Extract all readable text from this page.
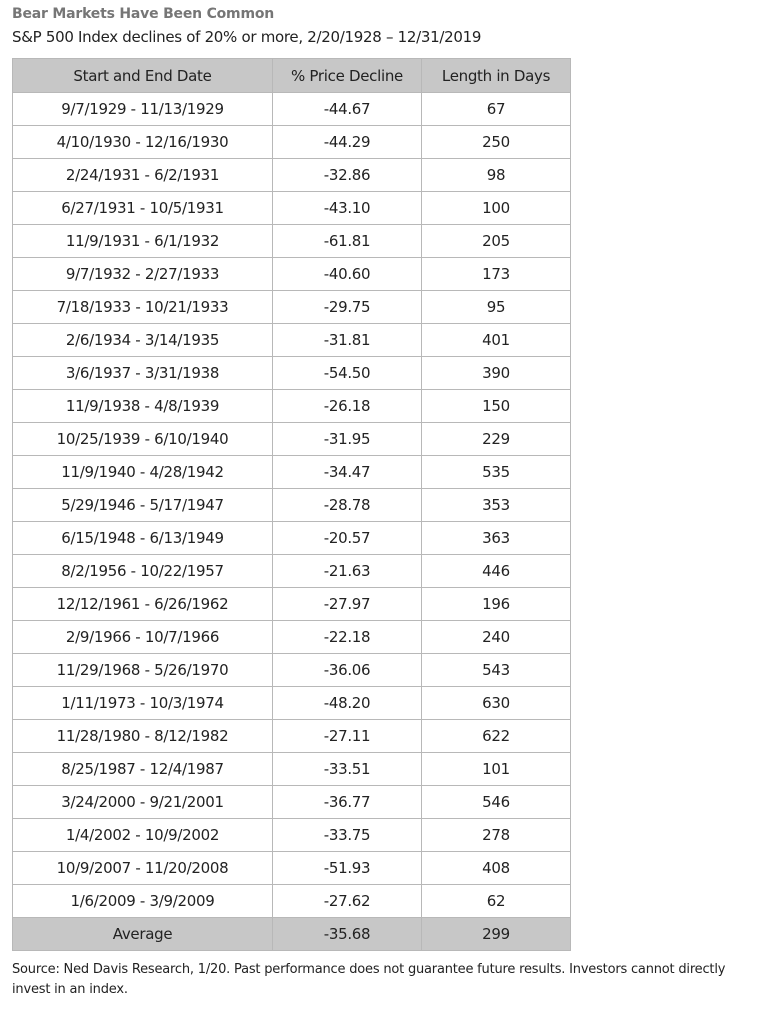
Bear Markets Have Been Common
S&P 500 Index declines of 20% or more, 2/20/1928 – 12/31/2019
Start and End Date	% Price Decline	Length in Days
9/7/1929 - 11/13/1929	-44.67	67
4/10/1930 - 12/16/1930	-44.29	250
2/24/1931 - 6/2/1931	-32.86	98
6/27/1931 - 10/5/1931	-43.10	100
11/9/1931 - 6/1/1932	-61.81	205
9/7/1932 - 2/27/1933	-40.60	173
7/18/1933 - 10/21/1933	-29.75	95
2/6/1934 - 3/14/1935	-31.81	401
3/6/1937 - 3/31/1938	-54.50	390
11/9/1938 - 4/8/1939	-26.18	150
10/25/1939 - 6/10/1940	-31.95	229
11/9/1940 - 4/28/1942	-34.47	535
5/29/1946 - 5/17/1947	-28.78	353
6/15/1948 - 6/13/1949	-20.57	363
8/2/1956 - 10/22/1957	-21.63	446
12/12/1961 - 6/26/1962	-27.97	196
2/9/1966 - 10/7/1966	-22.18	240
11/29/1968 - 5/26/1970	-36.06	543
1/11/1973 - 10/3/1974	-48.20	630
11/28/1980 - 8/12/1982	-27.11	622
8/25/1987 - 12/4/1987	-33.51	101
3/24/2000 - 9/21/2001	-36.77	546
1/4/2002 - 10/9/2002	-33.75	278
10/9/2007 - 11/20/2008	-51.93	408
1/6/2009 - 3/9/2009	-27.62	62
Average	-35.68	299
Source: Ned Davis Research, 1/20. Past performance does not guarantee future results. Investors cannot directly invest in an index.
